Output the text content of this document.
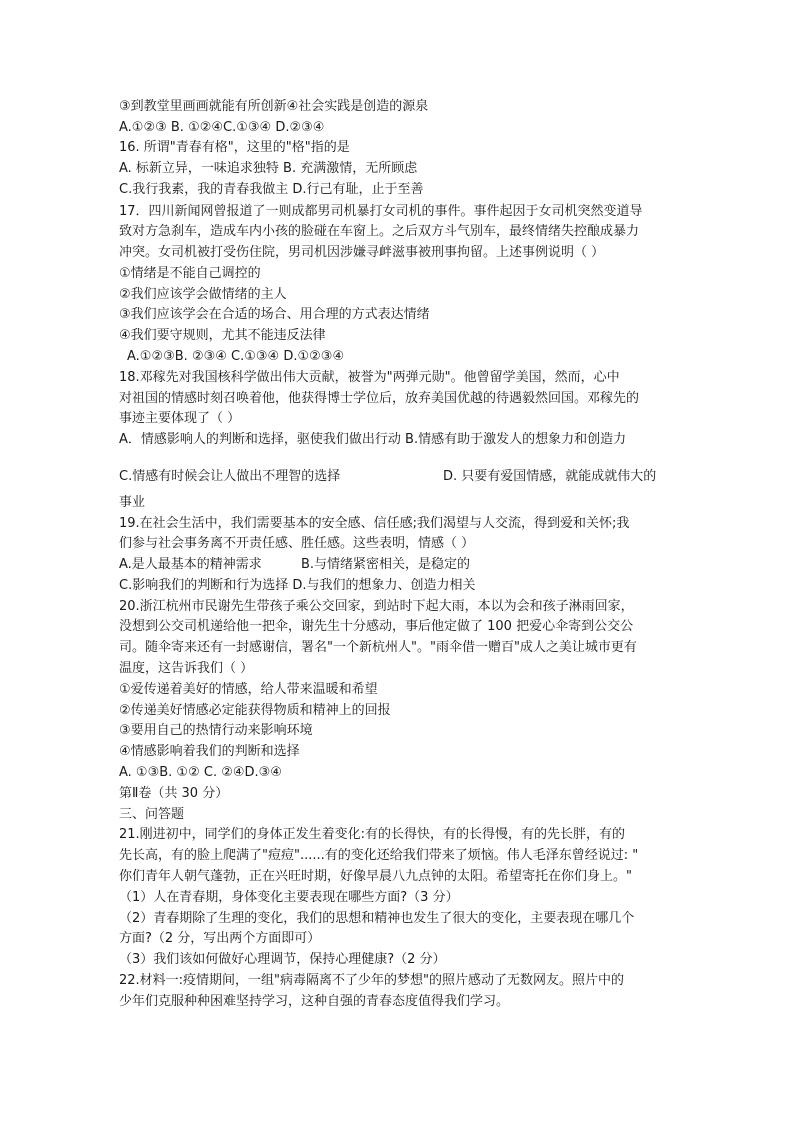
③到教堂里画画就能有所创新④社会实践是创造的源泉
A.①②③ B. ①②④C.①③④ D.②③④
16. 所谓"青春有格"，这里的"格"指的是
A. 标新立异，一味追求独特 B. 充满激情，无所顾虑
C.我行我素，我的青春我做主 D.行己有耻，止于至善
17．四川新闻网曾报道了一则成都男司机暴打女司机的事件。事件起因于女司机突然变道导
致对方急刹车，造成车内小孩的脸碰在车窗上。之后双方斗气别车，最终情绪失控酿成暴力
冲突。女司机被打受伤住院，男司机因涉嫌寻衅滋事被刑事拘留。上述事例说明（ ）
①情绪是不能自己调控的
②我们应该学会做情绪的主人
③我们应该学会在合适的场合、用合理的方式表达情绪
④我们要守规则，尤其不能违反法律
A.①②③B. ②③④ C.①③④ D.①②③④
18.邓稼先对我国核科学做出伟大贡献，被誉为"两弹元勋"。他曾留学美国，然而，心中
对祖国的情感时刻召唤着他，他获得博士学位后，放弃美国优越的待遇毅然回国。邓稼先的
事迹主要体现了（ ）
A．情感影响人的判断和选择，驱使我们做出行动 B.情感有助于激发人的想象力和创造力
C.情感有时候会让人做出不理智的选择	D. 只要有爱国情感，就能成就伟大的
事业
19.在社会生活中，我们需要基本的安全感、信任感;我们渴望与人交流，得到爱和关怀;我
们参与社会事务离不开责任感、胜任感。这些表明，情感（ ）
A.是人最基本的精神需求	B.与情绪紧密相关，是稳定的
C.影响我们的判断和行为选择 D.与我们的想象力、创造力相关
20.浙江杭州市民谢先生带孩子乘公交回家，到站时下起大雨，本以为会和孩子淋雨回家，
没想到公交司机递给他一把伞，谢先生十分感动，事后他定做了 100 把爱心伞寄到公交公
司。随伞寄来还有一封感谢信，署名"一个新杭州人"。"雨伞借一赠百"成人之美让城市更有
温度，这告诉我们（ ）
①爱传递着美好的情感，给人带来温暖和希望
②传递美好情感必定能获得物质和精神上的回报
③要用自己的热情行动来影响环境
④情感影响着我们的判断和选择
A. ①③B. ①② C. ②④D.③④
第Ⅱ卷（共 30 分）
三、问答题
21.刚进初中，同学们的身体正发生着变化:有的长得快，有的长得慢，有的先长胖，有的
先长高，有的脸上爬满了"痘痘"......有的变化还给我们带来了烦恼。伟人毛泽东曾经说过: "
你们青年人朝气蓬勃，正在兴旺时期，好像早晨八九点钟的太阳。希望寄托在你们身上。"
（1）人在青春期，身体变化主要表现在哪些方面?（3 分）
（2）青春期除了生理的变化，我们的思想和精神也发生了很大的变化，主要表现在哪几个
方面?（2 分，写出两个方面即可）
（3）我们该如何做好心理调节，保持心理健康?（2 分）
22.材料一:疫情期间，一组"病毒隔离不了少年的梦想"的照片感动了无数网友。照片中的
少年们克服种种困难坚持学习，这种自强的青春态度值得我们学习。
